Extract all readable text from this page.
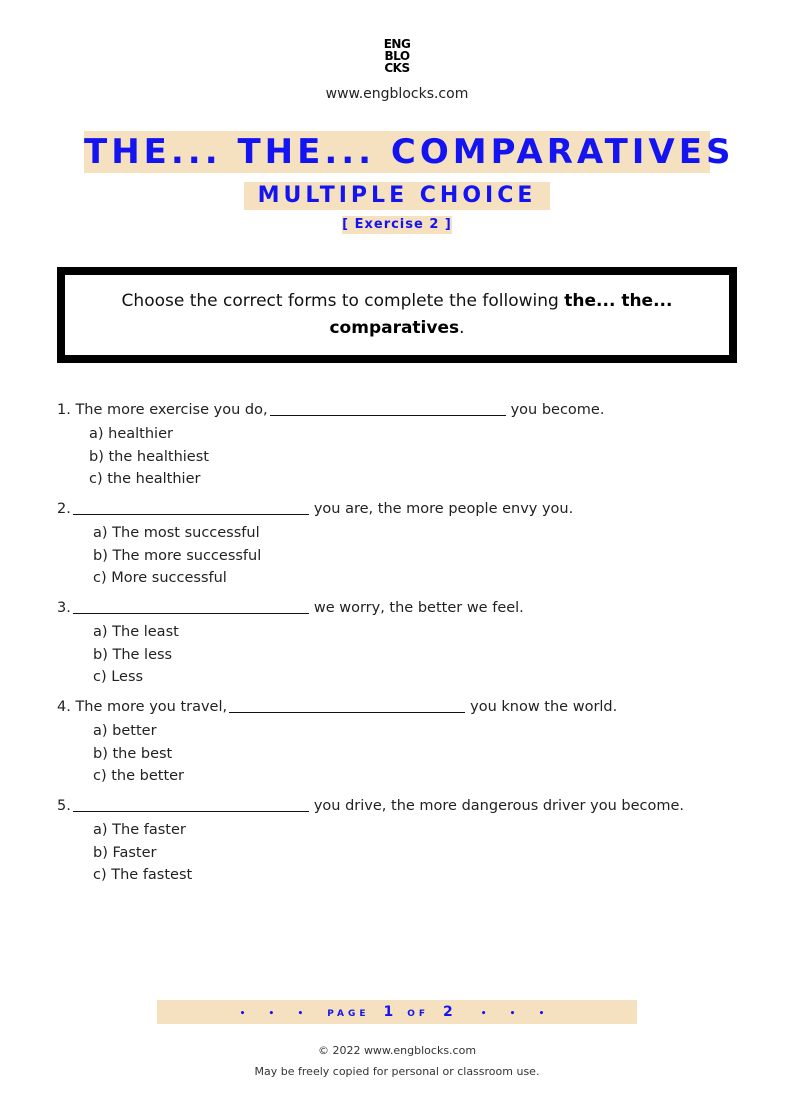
ENG
BLO
CKS
www.engblocks.com
THE... THE... COMPARATIVES
MULTIPLE CHOICE
[ Exercise 2 ]
Choose the correct forms to complete the following the... the...
comparatives.
1. The more exercise you do,	you become.
a) healthier
b) the healthiest
c) the healthier
2.	you are, the more people envy you.
a) The most successful
b) The more successful
c) More successful
3.	we worry, the better we feel.
a) The least
b) The less
c) Less
4. The more you travel,	you know the world.
a) better
b) the best
c) the better
5.	you drive, the more dangerous driver you become.
a) The faster
b) Faster
c) The fastest
• • • PAGE 1 OF 2	• • •
© 2022 www.engblocks.com
May be freely copied for personal or classroom use.
